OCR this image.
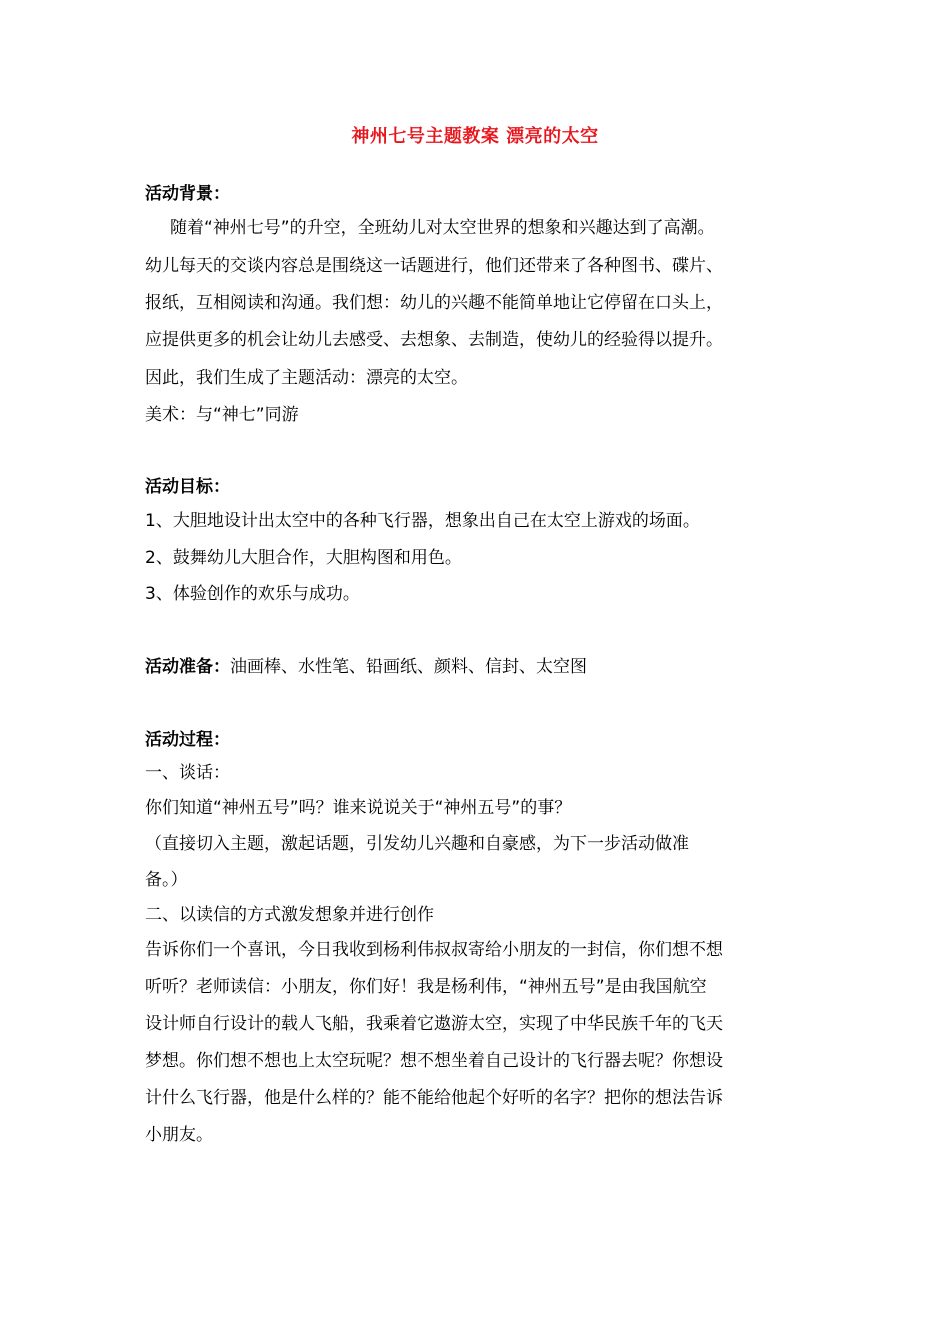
神州七号主题教案 漂亮的太空
活动背景：
随着“神州七号”的升空，全班幼儿对太空世界的想象和兴趣达到了高潮。
幼儿每天的交谈内容总是围绕这一话题进行，他们还带来了各种图书、碟片、
报纸，互相阅读和沟通。我们想：幼儿的兴趣不能简单地让它停留在口头上，
应提供更多的机会让幼儿去感受、去想象、去制造，使幼儿的经验得以提升。
因此，我们生成了主题活动：漂亮的太空。
美术：与“神七”同游
活动目标：
1、大胆地设计出太空中的各种飞行器，想象出自己在太空上游戏的场面。
2、鼓舞幼儿大胆合作，大胆构图和用色。
3、体验创作的欢乐与成功。
活动准备：油画棒、水性笔、铅画纸、颜料、信封、太空图
活动过程：
一、谈话：
你们知道“神州五号”吗？谁来说说关于“神州五号”的事？
（直接切入主题，激起话题，引发幼儿兴趣和自豪感，为下一步活动做准
备。）
二、以读信的方式激发想象并进行创作
告诉你们一个喜讯，今日我收到杨利伟叔叔寄给小朋友的一封信，你们想不想
听听？老师读信：小朋友，你们好！我是杨利伟，“神州五号”是由我国航空
设计师自行设计的载人飞船，我乘着它遨游太空，实现了中华民族千年的飞天
梦想。你们想不想也上太空玩呢？想不想坐着自己设计的飞行器去呢？你想设
计什么飞行器，他是什么样的？能不能给他起个好听的名字？把你的想法告诉
小朋友。
